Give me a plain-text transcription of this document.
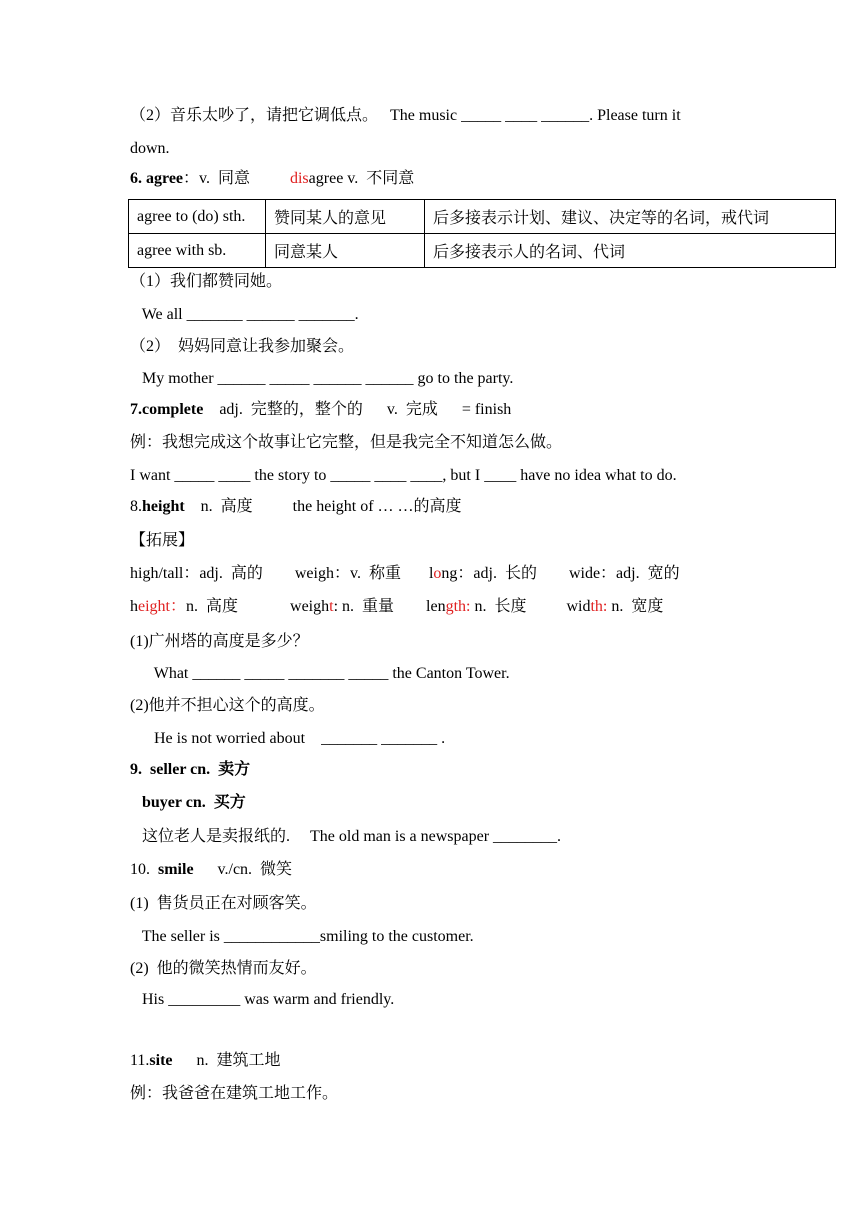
（2）音乐太吵了，请把它调低点。   The music _____ ____ ______. Please turn it
down.
6. agree：v.  同意          disagree v.  不同意
agree to (do) sth.	赞同某人的意见	后多接表示计划、建议、决定等的名词，戒代词
agree with sb.	同意某人	后多接表示人的名词、代词
（1）我们都赞同她。
We all _______ ______ _______.
（2）  妈妈同意让我参加聚会。
My mother ______ _____ ______ ______ go to the party.
7.complete    adj.  完整的，整个的      v.  完成      = finish
例：我想完成这个故事让它完整，但是我完全不知道怎么做。
I want _____ ____ the story to _____ ____ ____, but I ____ have no idea what to do.
8.height    n.  高度          the height of … …的高度
【拓展】
high/tall：adj.  高的        weigh：v.  称重       long：adj.  长的        wide：adj.  宽的
height：n.  高度             weight: n.  重量        length: n.  长度          width: n.  宽度
(1)广州塔的高度是多少？
What ______ _____ _______ _____ the Canton Tower.
(2)他并不担心这个的高度。
He is not worried about    _______ _______ .
9.  seller cn.  卖方
buyer cn.  买方
这位老人是卖报纸的.     The old man is a newspaper ________.
10.  smile      v./cn.  微笑
(1)  售货员正在对顾客笑。
The seller is ____________smiling to the customer.
(2)  他的微笑热情而友好。
His _________ was warm and friendly.
11.site      n.  建筑工地
例：我爸爸在建筑工地工作。
